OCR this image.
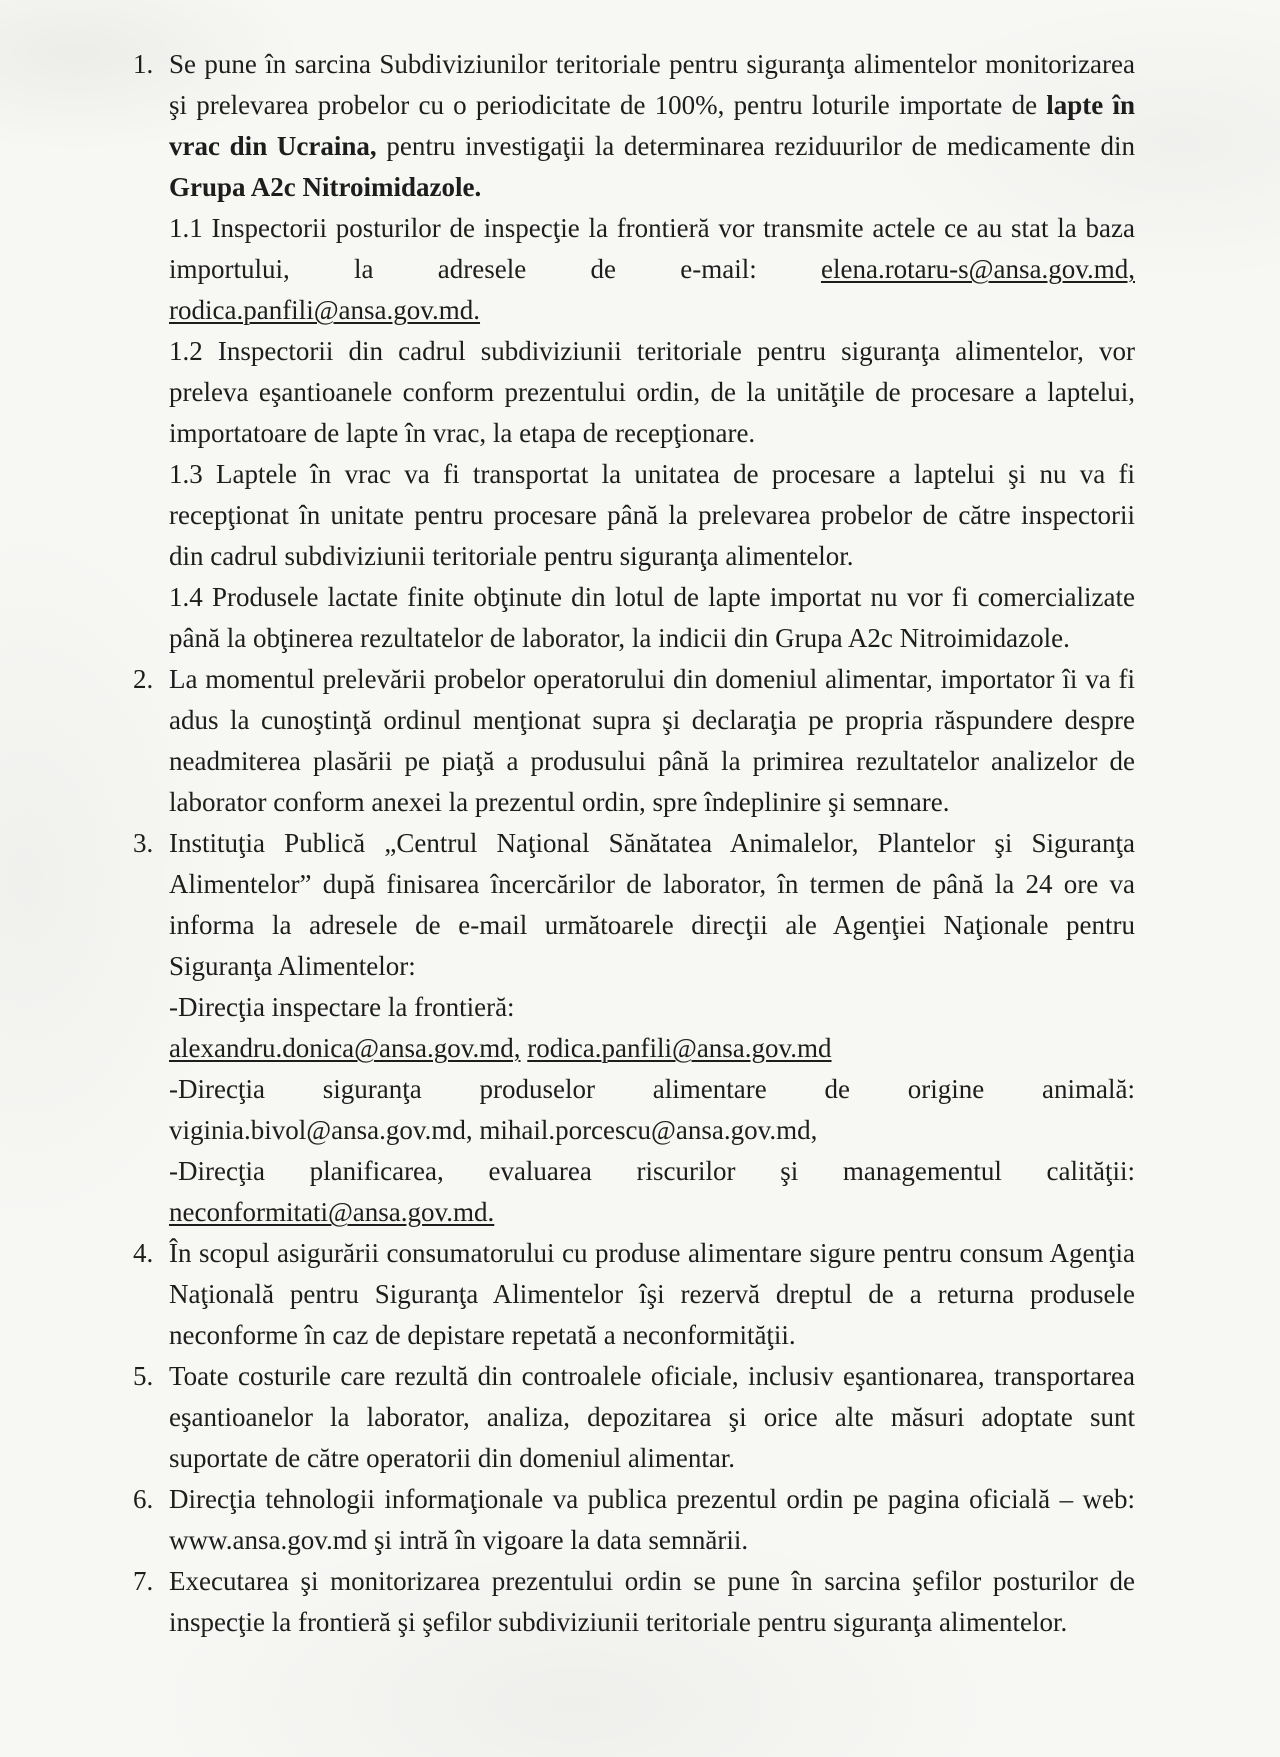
1. Se pune în sarcina Subdiviziunilor teritoriale pentru siguranţa alimentelor monitorizarea şi prelevarea probelor cu o periodicitate de 100%, pentru loturile importate de lapte în vrac din Ucraina, pentru investigaţii la determinarea reziduurilor de medicamente din Grupa A2c Nitroimidazole.
1.1 Inspectorii posturilor de inspecţie la frontieră vor transmite actele ce au stat la baza importului, la adresele de e-mail: elena.rotaru-s@ansa.gov.md, rodica.panfili@ansa.gov.md.
1.2 Inspectorii din cadrul subdiviziunii teritoriale pentru siguranţa alimentelor, vor preleva eşantioanele conform prezentului ordin, de la unităţile de procesare a laptelui, importatoare de lapte în vrac, la etapa de recepţionare.
1.3 Laptele în vrac va fi transportat la unitatea de procesare a laptelui şi nu va fi recepţionat în unitate pentru procesare până la prelevarea probelor de către inspectorii din cadrul subdiviziunii teritoriale pentru siguranţa alimentelor.
1.4 Produsele lactate finite obţinute din lotul de lapte importat nu vor fi comercializate până la obţinerea rezultatelor de laborator, la indicii din Grupa A2c Nitroimidazole.
2. La momentul prelevării probelor operatorului din domeniul alimentar, importator îi va fi adus la cunoştinţă ordinul menţionat supra şi declaraţia pe propria răspundere despre neadmiterea plasării pe piaţă a produsului până la primirea rezultatelor analizelor de laborator conform anexei la prezentul ordin, spre îndeplinire şi semnare.
3. Instituţia Publică „Centrul Naţional Sănătatea Animalelor, Plantelor şi Siguranţa Alimentelor” după finisarea încercărilor de laborator, în termen de până la 24 ore va informa la adresele de e-mail următoarele direcţii ale Agenţiei Naţionale pentru Siguranţa Alimentelor:
-Direcţia inspectare la frontieră:
alexandru.donica@ansa.gov.md, rodica.panfili@ansa.gov.md
-Direcţia siguranţa produselor alimentare de origine animală: viginia.bivol@ansa.gov.md, mihail.porcescu@ansa.gov.md,
-Direcţia planificarea, evaluarea riscurilor şi managementul calităţii: neconformitati@ansa.gov.md.
4. În scopul asigurării consumatorului cu produse alimentare sigure pentru consum Agenţia Naţională pentru Siguranţa Alimentelor îşi rezervă dreptul de a returna produsele neconforme în caz de depistare repetată a neconformităţii.
5. Toate costurile care rezultă din controalele oficiale, inclusiv eşantionarea, transportarea eşantioanelor la laborator, analiza, depozitarea şi orice alte măsuri adoptate sunt suportate de către operatorii din domeniul alimentar.
6. Direcţia tehnologii informaţionale va publica prezentul ordin pe pagina oficială – web: www.ansa.gov.md şi intră în vigoare la data semnării.
7. Executarea şi monitorizarea prezentului ordin se pune în sarcina şefilor posturilor de inspecţie la frontieră şi şefilor subdiviziunii teritoriale pentru siguranţa alimentelor.
